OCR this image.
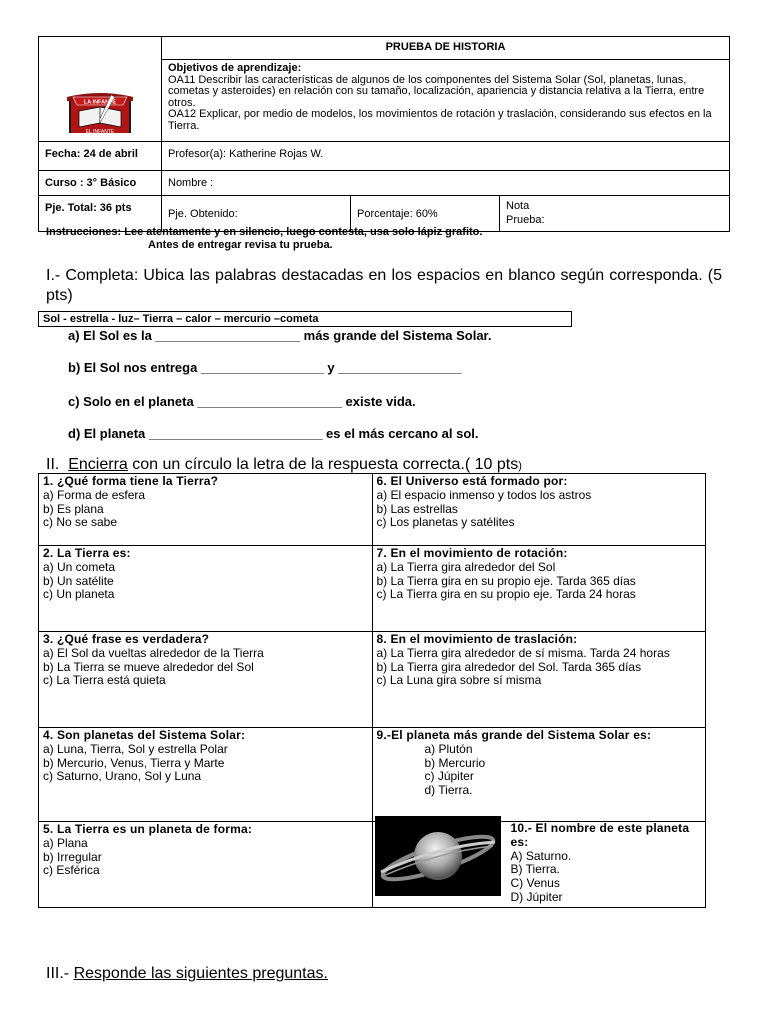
LA INFANTE
EL INFANTE	PRUEBA DE HISTORIA		

	Objetivos de aprendizaje:
OA11 Describir las características de algunos de los componentes del Sistema Solar (Sol, planetas, lunas, cometas y asteroides) en relación con su tamaño, localización, apariencia y distancia relativa a la Tierra, entre otros.
OA12 Explicar, por medio de modelos, los movimientos de rotación y traslación, considerando sus efectos en la Tierra.		
Fecha: 24 de abril	Profesor(a): Katherine Rojas W.		
Curso : 3° Básico	Nombre :		
Pje. Total: 36 pts	Pje. Obtenido:	Porcentaje: 60%	Nota
Prueba:
Instrucciones: Lee atentamente y en silencio, luego contesta, usa solo lápiz grafito.
Antes de entregar revisa tu prueba.
I.- Completa: Ubica las palabras destacadas en los espacios en blanco según corresponda. (5 pts)
Sol - estrella - luz– Tierra – calor – mercurio –cometa
a) El Sol es la ____________________ más grande del Sistema Solar.
b) El Sol nos entrega _________________ y _________________
c) Solo en el planeta ____________________ existe vida.
d) El planeta ________________________ es el más cercano al sol.
II.  Encierra con un círculo la letra de la respuesta correcta.( 10 pts)
1. ¿Qué forma tiene la Tierra?
a) Forma de esfera
b) Es plana
c) No se sabe	6. El Universo está formado por:
a) El espacio inmenso y todos los astros
b) Las estrellas
c) Los planetas y satélites

2. La Tierra es:
a) Un cometa
b) Un satélite
c) Un planeta	7. En el movimiento de rotación:
a) La Tierra gira alrededor del Sol
b) La Tierra gira en su propio eje. Tarda 365 días
c) La Tierra gira en su propio eje. Tarda 24 horas

3. ¿Qué frase es verdadera?
a) El Sol da vueltas alrededor de la Tierra
b) La Tierra se mueve alrededor del Sol
c) La Tierra está quieta	8. En el movimiento de traslación:
a) La Tierra gira alrededor de sí misma. Tarda 24 horas
b) La Tierra gira alrededor del Sol. Tarda 365 días
c) La Luna gira sobre sí misma

4. Son planetas del Sistema Solar:
a) Luna, Tierra, Sol y estrella Polar
b) Mercurio, Venus, Tierra y Marte
c) Saturno, Urano, Sol y Luna	9.-El planeta más grande del Sistema Solar es:
a) Plutón
b) Mercurio
c) Júpiter
d) Tierra.

5. La Tierra es un planeta de forma:
a) Plana
b) Irregular
c) Esférica	10.- El nombre de este planeta es:
A) Saturno.
B) Tierra.
C) Venus
D) Júpiter
III.- Responde las siguientes preguntas.
